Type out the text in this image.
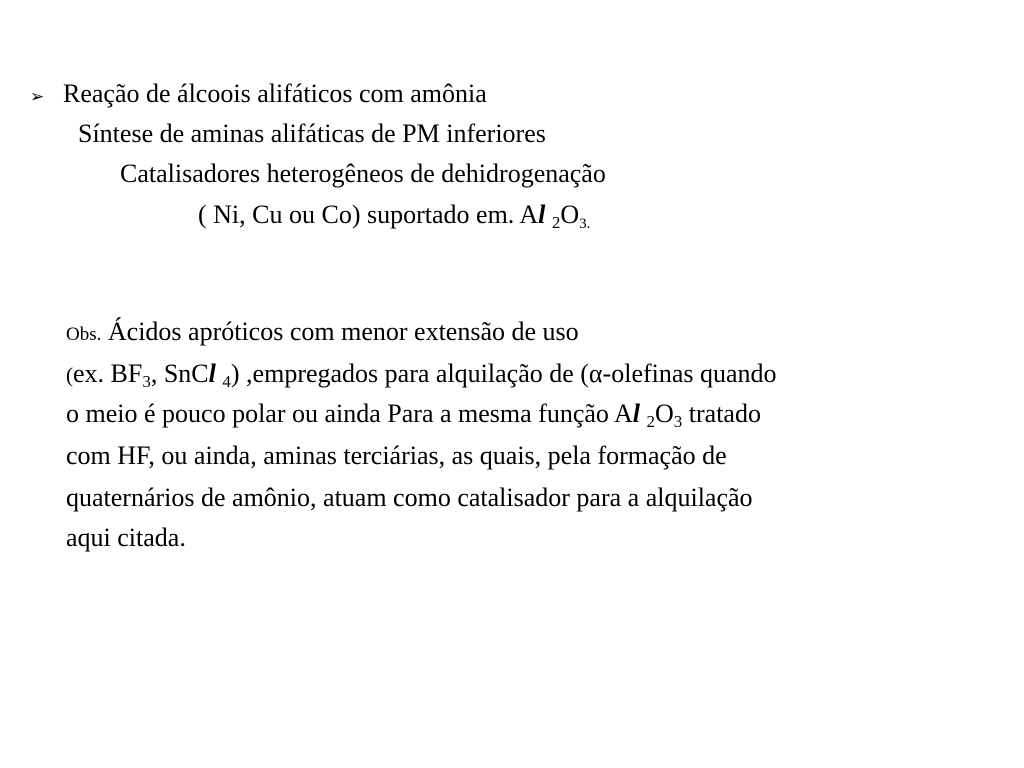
➢ Reação de álcoois alifáticos com amônia
Síntese de aminas alifáticas de PM inferiores
Catalisadores heterogêneos de dehidrogenação
( Ni, Cu ou Co) suportado em. Al $_2O_{3.}$
Obs. Ácidos apróticos com menor extensão de uso
(ex. $BF_3$, SnCl $_4$) ,empregados para alquilação de (α-olefinas quando
o meio é pouco polar ou ainda Para a mesma função Al $_2O_3$ tratado
com HF, ou ainda, aminas terciárias, as quais, pela formação de
quaternários de amônio, atuam como catalisador para a alquilação
aqui citada.
